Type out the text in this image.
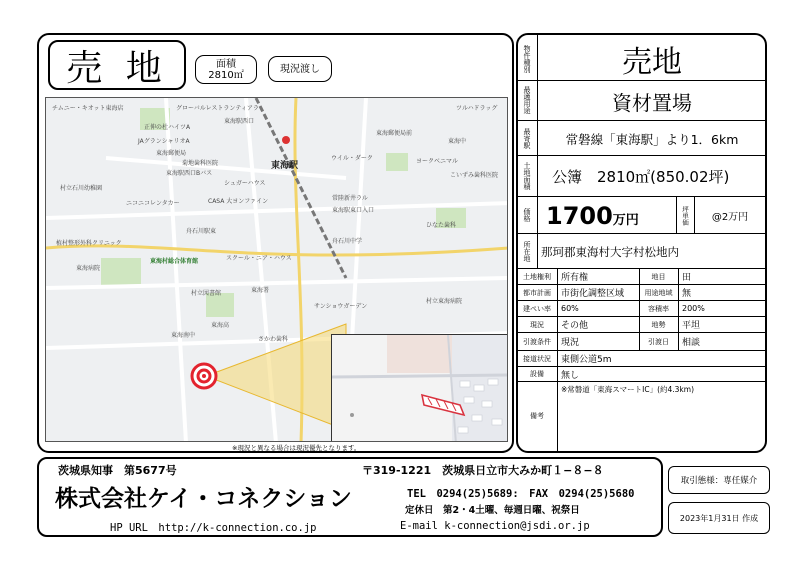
売 地	面積
2810㎡
現況渡し
チムニー・キオット東海店	グローバルレストランティアラ
東海駅西口
正伸の杜ハイツA
JAグランシャリオA
東海郵便局
菊地歯科医院
東海駅西口Bバス
シュガーハウス
東海駅
ウイル・ダーク
村立石川幼稚園
ニコニコレンタカー	CASA 大ヨンファイン	常陸新井ラル
東海駅東口入口
舟石川駅東
舟石川中学
植村整形外科クリニック
東海病院
東海村総合体育館	スクール・ニア・ハウス
村立図書館	東海署
東海高
東海南中
さかわ歯科
サンショウガーデン
村立東海病院
ヨークベニマル
こいずみ歯科医院
ひなた歯科
ツルハドラッグ
東海中
東海郵便局前
※現況と異なる場合は現況優先となります。
物件種別	売地
最適用途	資材置場
最寄駅	常磐線「東海駅」より1．6km
土地面積	公簿　2810㎡(850.02坪)
価格 1700 万円	坪単価	@2万円
所在地 那珂郡東海村大字村松地内
土地権利	所有権	地目	田
都市計画	市街化調整区域	用途地域	無
建ぺい率	60%	容積率	200%
現況	その他	地勢	平坦
引渡条件	現況	引渡日	相談
接道状況	東側公道5m
設備	無し
備考
※常磐道「東海スマートIC」(約4.3km)
茨城県知事　第5677号	〒319-1221　茨城県日立市大みか町１−８−８
株式会社ケイ・コネクション	TEL　0294(25)5689:　FAX　0294(25)5680
定休日　第2・4土曜、毎週日曜、祝祭日
HP URL　http://k-connection.co.jp	E-mail k-connection@jsdi.or.jp
取引態様：専任媒介
2023年1月31日 作成
